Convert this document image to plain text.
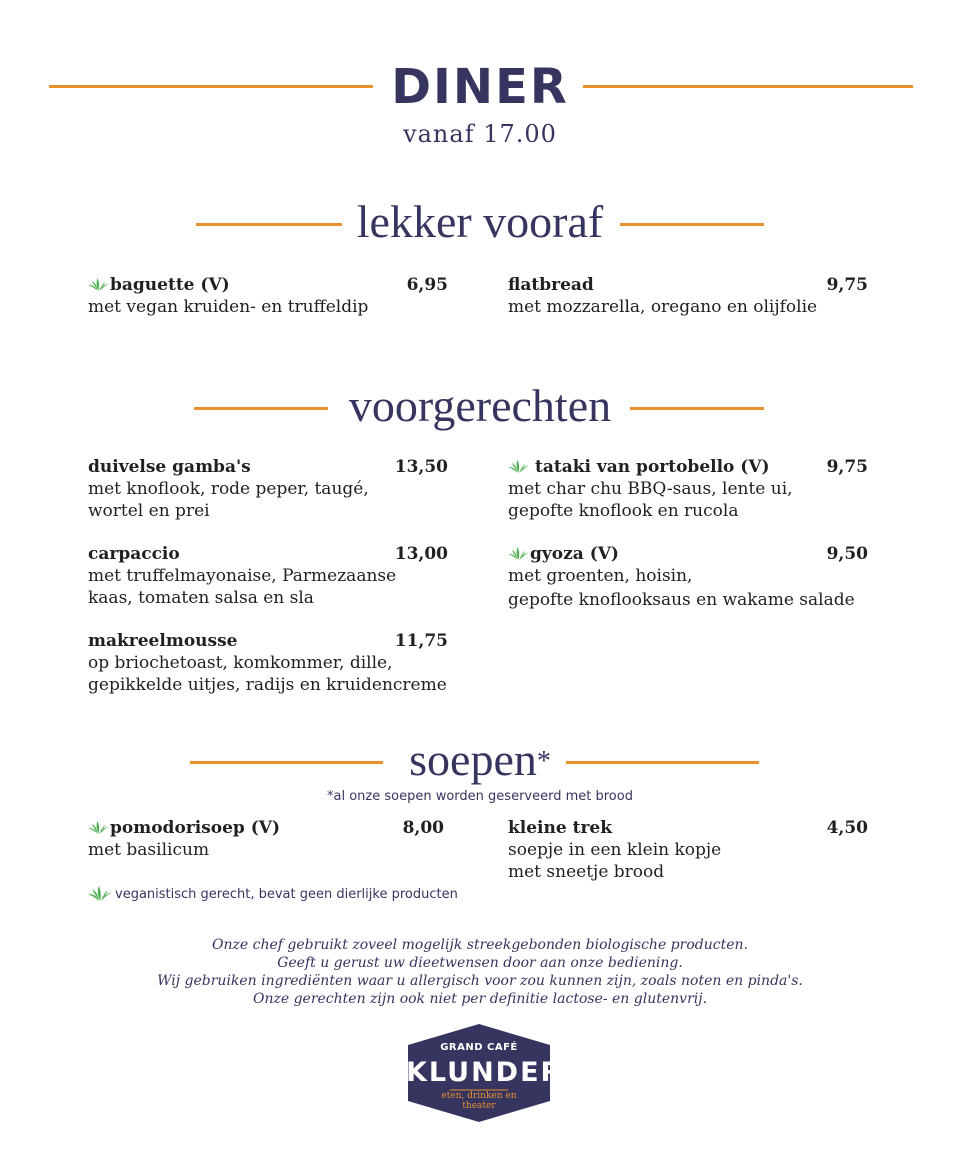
DINER
vanaf 17.00
lekker vooraf
baguette (V)	6,95
met vegan kruiden- en truffeldip
flatbread	9,75
met mozzarella, oregano en olijfolie
voorgerechten
duivelse gamba's	13,50
met knoflook, rode peper, taugé,
wortel en prei
carpaccio	13,00
met truffelmayonaise, Parmezaanse
kaas, tomaten salsa en sla
makreelmousse	11,75
op briochetoast, komkommer, dille,
gepikkelde uitjes, radijs en kruidencreme
tataki van portobello (V)	9,75
met char chu BBQ-saus, lente ui,
gepofte knoflook en rucola
gyoza (V)	9,50
met groenten, hoisin,
gepofte knoflooksaus en wakame salade
soepen*
*al onze soepen worden geserveerd met brood
pomodorisoep (V)	8,00
met basilicum
kleine trek	4,50
soepje in een klein kopje
met sneetje brood
veganistisch gerecht, bevat geen dierlijke producten
Onze chef gebruikt zoveel mogelijk streekgebonden biologische producten.
Geeft u gerust uw dieetwensen door aan onze bediening.
Wij gebruiken ingrediënten waar u allergisch voor zou kunnen zijn, zoals noten en pinda's.
Onze gerechten zijn ook niet per definitie lactose- en glutenvrij.
GRAND CAFÉ
KLUNDER
eten, drinken en
theater
